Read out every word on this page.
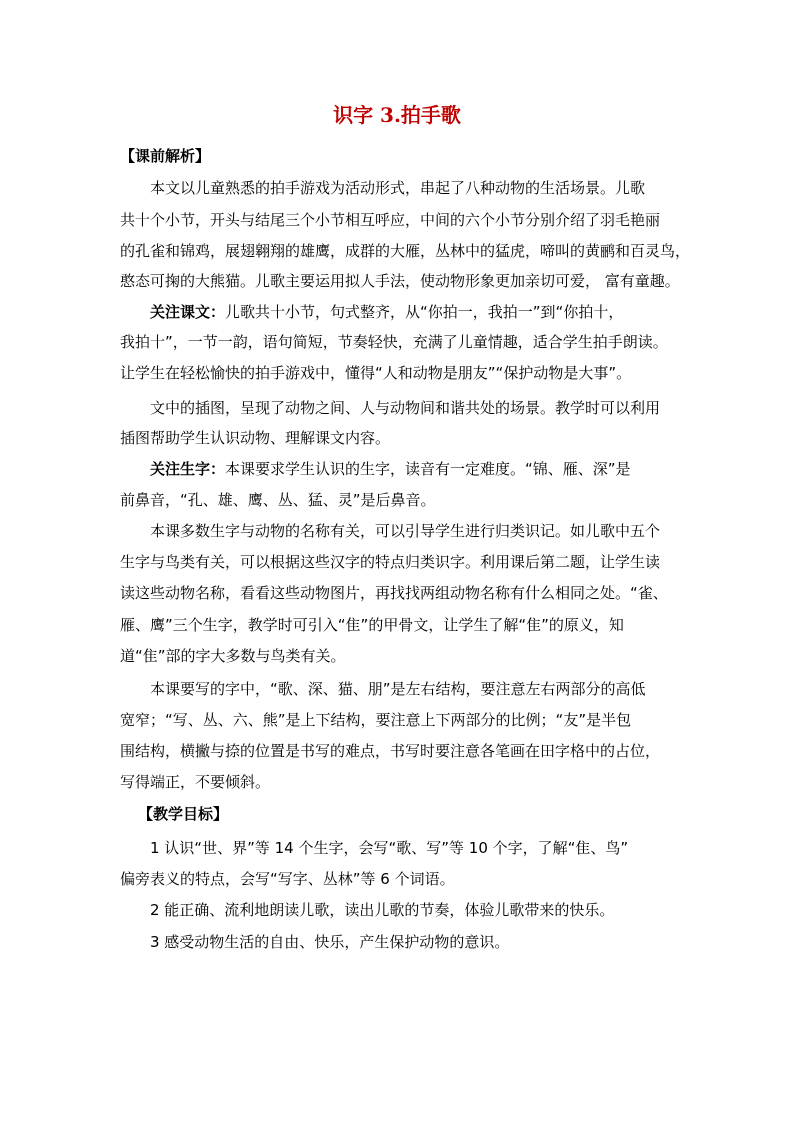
识字 3.拍手歌
【课前解析】
本文以儿童熟悉的拍手游戏为活动形式，串起了八种动物的生活场景。儿歌
共十个小节，开头与结尾三个小节相互呼应，中间的六个小节分别介绍了羽毛艳丽
的孔雀和锦鸡，展翅翱翔的雄鹰，成群的大雁，丛林中的猛虎，啼叫的黄鹂和百灵鸟，
憨态可掬的大熊猫。儿歌主要运用拟人手法，使动物形象更加亲切可爱， 富有童趣。
关注课文：儿歌共十小节，句式整齐，从“你拍一，我拍一”到“你拍十，
我拍十”，一节一韵，语句简短，节奏轻快，充满了儿童情趣，适合学生拍手朗读。
让学生在轻松愉快的拍手游戏中，懂得“人和动物是朋友”“保护动物是大事”。
文中的插图，呈现了动物之间、人与动物间和谐共处的场景。教学时可以利用
插图帮助学生认识动物、理解课文内容。
关注生字：本课要求学生认识的生字，读音有一定难度。“锦、雁、深”是
前鼻音，“孔、雄、鹰、丛、猛、灵”是后鼻音。
本课多数生字与动物的名称有关，可以引导学生进行归类识记。如儿歌中五个
生字与鸟类有关，可以根据这些汉字的特点归类识字。利用课后第二题，让学生读
读这些动物名称，看看这些动物图片，再找找两组动物名称有什么相同之处。“雀、
雁、鹰”三个生字，教学时可引入“隹”的甲骨文，让学生了解“隹”的原义，知
道“隹”部的字大多数与鸟类有关。
本课要写的字中，“歌、深、猫、朋”是左右结构，要注意左右两部分的高低
宽窄；“写、丛、六、熊”是上下结构，要注意上下两部分的比例；“友”是半包
围结构，横撇与捺的位置是书写的难点，书写时要注意各笔画在田字格中的占位，
写得端正，不要倾斜。
【教学目标】
1 认识“世、界”等 14 个生字，会写“歌、写”等 10 个字，了解“隹、鸟”
偏旁表义的特点，会写“写字、丛林”等 6 个词语。
2 能正确、流利地朗读儿歌，读出儿歌的节奏，体验儿歌带来的快乐。
3 感受动物生活的自由、快乐，产生保护动物的意识。
